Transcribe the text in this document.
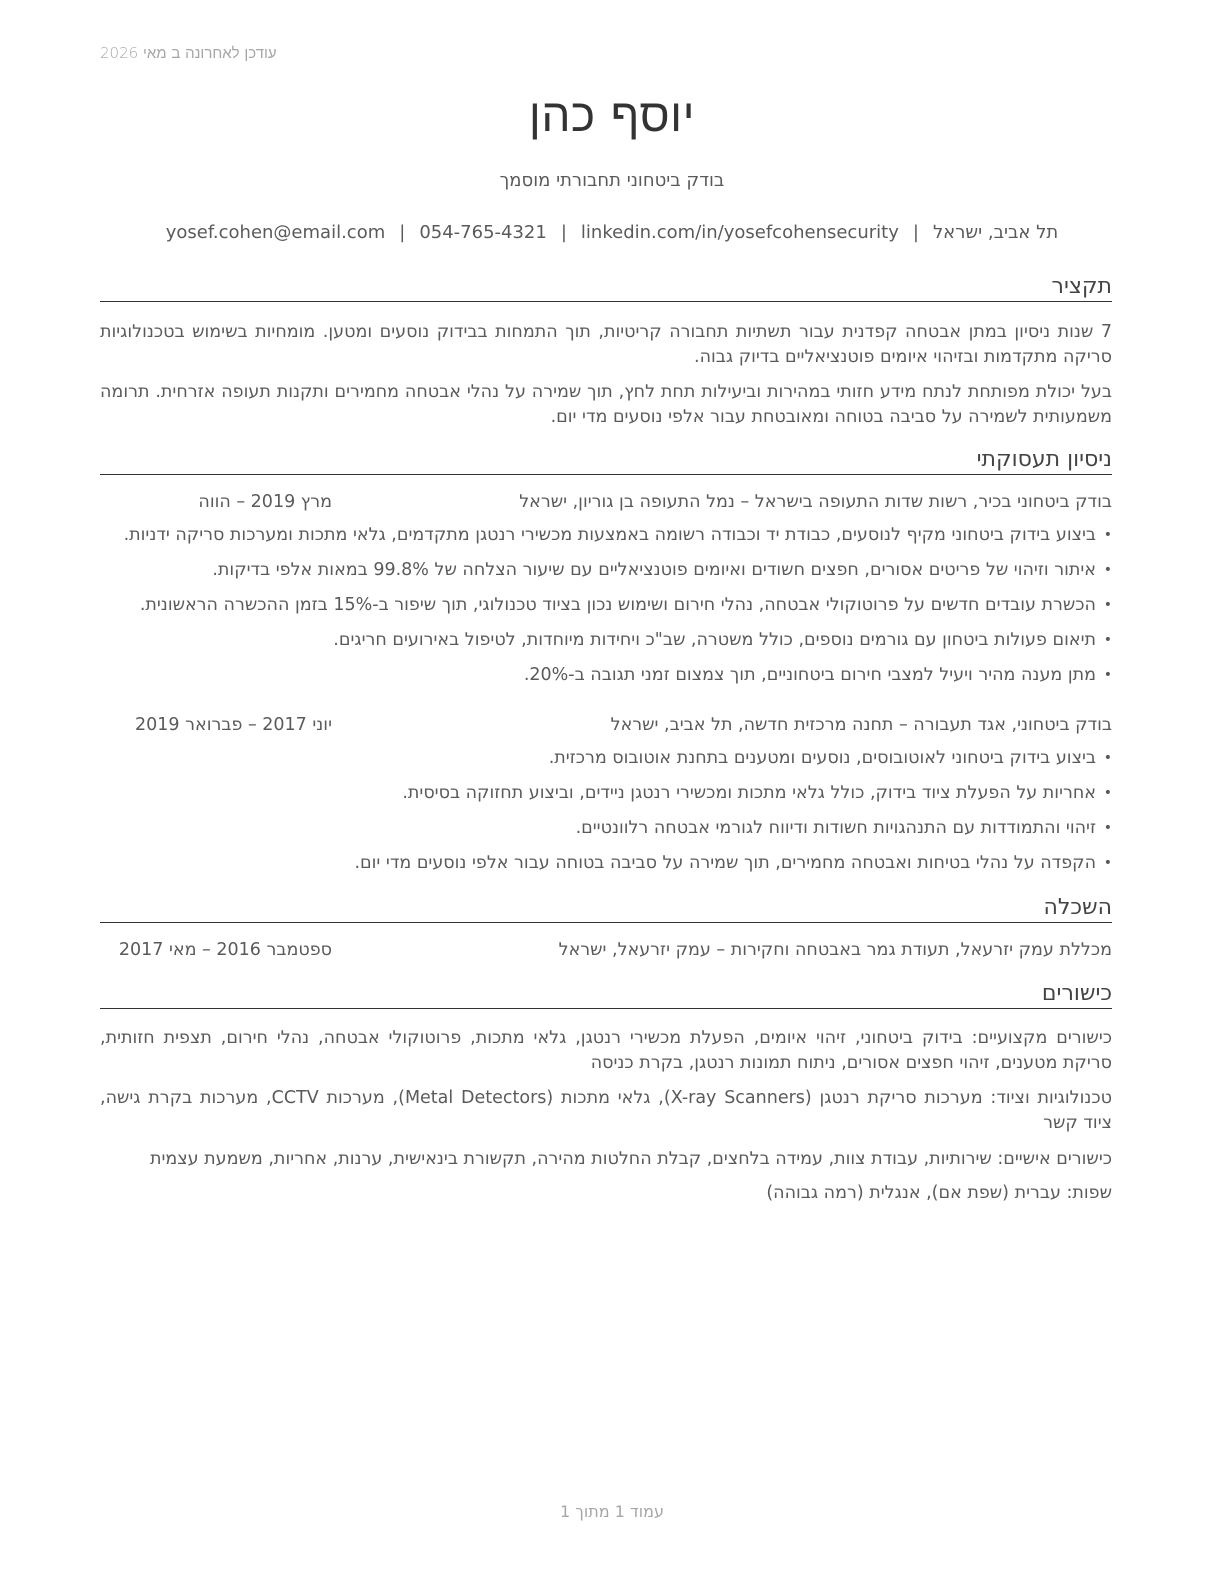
עודכן לאחרונה ב מאי 2026
יוסף כהן
בודק ביטחוני תחבורתי מוסמך
תל אביב, ישראל|yosef.cohen@email.com | 054-765-4321 | linkedin.com/in/yosefcohensecurity
תקציר
7 שנות ניסיון במתן אבטחה קפדנית עבור תשתיות תחבורה קריטיות, תוך התמחות בבידוק נוסעים ומטען. מומחיות בשימוש בטכנולוגיות סריקה מתקדמות ובזיהוי איומים פוטנציאליים בדיוק גבוה.
בעל יכולת מפותחת לנתח מידע חזותי במהירות וביעילות תחת לחץ, תוך שמירה על נהלי אבטחה מחמירים ותקנות תעופה אזרחית. תרומה משמעותית לשמירה על סביבה בטוחה ומאובטחת עבור אלפי נוסעים מדי יום.
ניסיון תעסוקתי
בודק ביטחוני בכיר, רשות שדות התעופה בישראל – נמל התעופה בן גוריון, ישראל
מרץ 2019 – הווה
• ביצוע בידוק ביטחוני מקיף לנוסעים, כבודת יד וכבודה רשומה באמצעות מכשירי רנטגן מתקדמים, גלאי מתכות ומערכות סריקה ידניות.
• איתור וזיהוי של פריטים אסורים, חפצים חשודים ואיומים פוטנציאליים עם שיעור הצלחה של 99.8% במאות אלפי בדיקות.
• הכשרת עובדים חדשים על פרוטוקולי אבטחה, נהלי חירום ושימוש נכון בציוד טכנולוגי, תוך שיפור ב-15% בזמן ההכשרה הראשונית.
• תיאום פעולות ביטחון עם גורמים נוספים, כולל משטרה, שב"כ ויחידות מיוחדות, לטיפול באירועים חריגים.
• מתן מענה מהיר ויעיל למצבי חירום ביטחוניים, תוך צמצום זמני תגובה ב-20%.
בודק ביטחוני, אגד תעבורה – תחנה מרכזית חדשה, תל אביב, ישראל
יוני 2017 – פברואר 2019
• ביצוע בידוק ביטחוני לאוטובוסים, נוסעים ומטענים בתחנת אוטובוס מרכזית.
• אחריות על הפעלת ציוד בידוק, כולל גלאי מתכות ומכשירי רנטגן ניידים, וביצוע תחזוקה בסיסית.
• זיהוי והתמודדות עם התנהגויות חשודות ודיווח לגורמי אבטחה רלוונטיים.
• הקפדה על נהלי בטיחות ואבטחה מחמירים, תוך שמירה על סביבה בטוחה עבור אלפי נוסעים מדי יום.
השכלה
מכללת עמק יזרעאל, תעודת גמר באבטחה וחקירות – עמק יזרעאל, ישראל
ספטמבר 2016 – מאי 2017
כישורים
כישורים מקצועיים: בידוק ביטחוני, זיהוי איומים, הפעלת מכשירי רנטגן, גלאי מתכות, פרוטוקולי אבטחה, נהלי חירום, תצפית חזותית, סריקת מטענים, זיהוי חפצים אסורים, ניתוח תמונות רנטגן, בקרת כניסה
טכנולוגיות וציוד: מערכות סריקת רנטגן (X-ray Scanners), גלאי מתכות (Metal Detectors), מערכות CCTV, מערכות בקרת גישה, ציוד קשר
כישורים אישיים: שירותיות, עבודת צוות, עמידה בלחצים, קבלת החלטות מהירה, תקשורת בינאישית, ערנות, אחריות, משמעת עצמית
שפות: עברית (שפת אם), אנגלית (רמה גבוהה)
עמוד 1 מתוך 1
